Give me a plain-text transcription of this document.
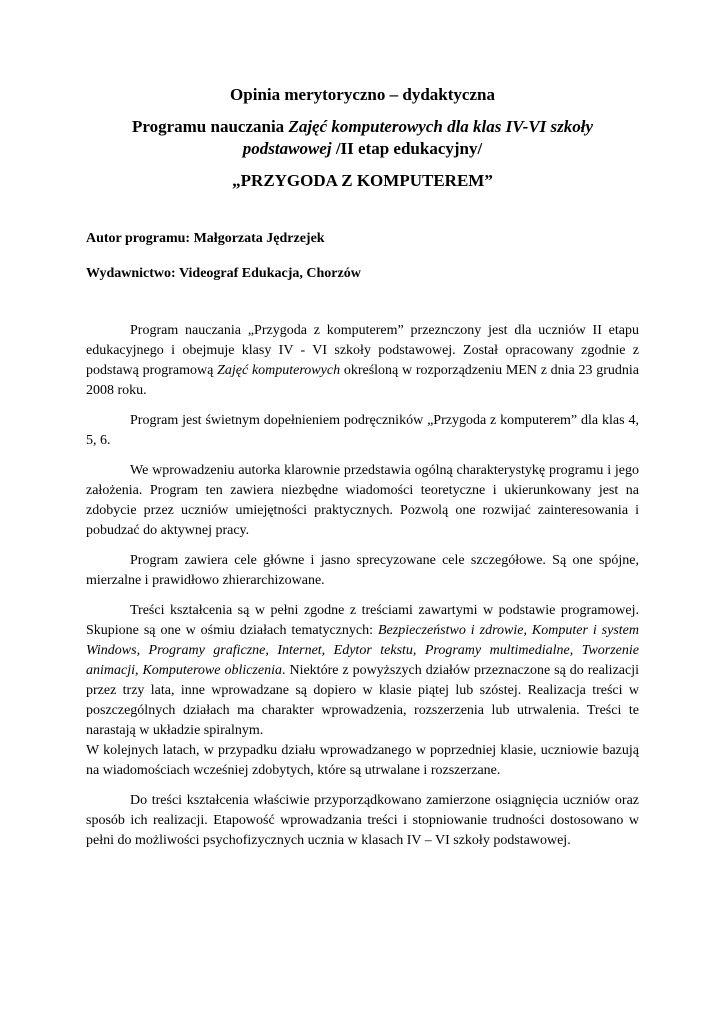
Opinia merytoryczno – dydaktyczna
Programu nauczania Zajęć komputerowych dla klas IV-VI szkoły podstawowej /II etap edukacyjny/
„PRZYGODA Z KOMPUTEREM”
Autor programu: Małgorzata Jędrzejek
Wydawnictwo: Videograf Edukacja, Chorzów

Program nauczania „Przygoda z komputerem” przeznczony jest dla uczniów II etapu edukacyjnego i obejmuje klasy IV - VI szkoły podstawowej. Został opracowany zgodnie z podstawą programową Zajęć komputerowych określoną w rozporządzeniu MEN z dnia 23 grudnia 2008 roku.

Program jest świetnym dopełnieniem podręczników „Przygoda z komputerem” dla klas 4, 5, 6.

We wprowadzeniu autorka klarownie przedstawia ogólną charakterystykę programu i jego założenia. Program ten zawiera niezbędne wiadomości teoretyczne i ukierunkowany jest na zdobycie przez uczniów umiejętności praktycznych. Pozwolą one rozwijać zainteresowania i pobudzać do aktywnej pracy.

Program zawiera cele główne i jasno sprecyzowane cele szczegółowe. Są one spójne, mierzalne i prawidłowo zhierarchizowane.

Treści kształcenia są w pełni zgodne z treściami zawartymi w podstawie programowej. Skupione są one w ośmiu działach tematycznych: Bezpieczeństwo i zdrowie, Komputer i system Windows, Programy graficzne, Internet, Edytor tekstu, Programy multimedialne, Tworzenie animacji, Komputerowe obliczenia. Niektóre z powyższych działów przeznaczone są do realizacji przez trzy lata, inne wprowadzane są dopiero w klasie piątej lub szóstej. Realizacja treści w poszczególnych działach ma charakter wprowadzenia, rozszerzenia lub utrwalenia. Treści te narastają w układzie spiralnym.

W kolejnych latach, w przypadku działu wprowadzanego w poprzedniej klasie, uczniowie bazują na wiadomościach wcześniej zdobytych, które są utrwalane i rozszerzane.

Do treści kształcenia właściwie przyporządkowano zamierzone osiągnięcia uczniów oraz sposób ich realizacji. Etapowość wprowadzania treści i stopniowanie trudności dostosowano w pełni do możliwości psychofizycznych ucznia w klasach IV – VI szkoły podstawowej.
